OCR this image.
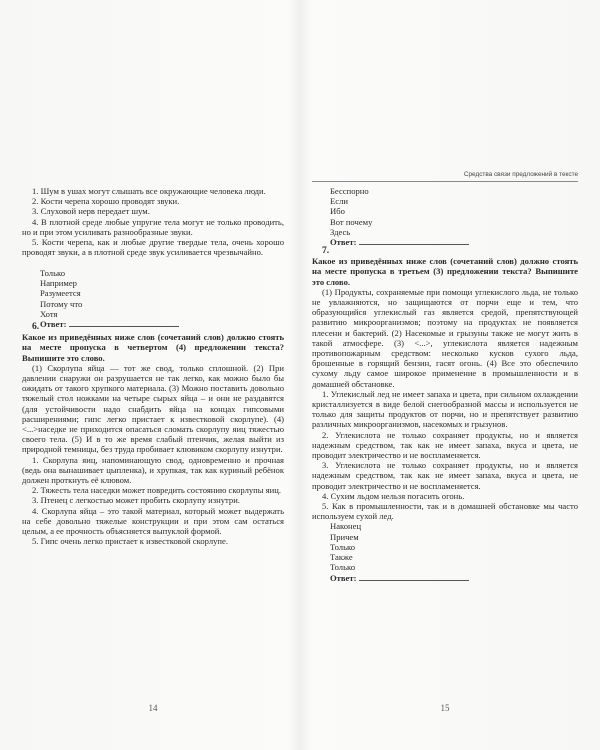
1. Шум в ушах могут слышать все окружающие человека люди.

2. Кости черепа хорошо проводят звуки.

3. Слуховой нерв передает шум.

4. В плотной среде любые упругие тела могут не только проводить, но и при этом усиливать разнообразные звуки.

5. Кости черепа, как и любые другие твердые тела, очень хорошо проводят звуки, а в плотной среде звук усиливается чрезвычайно.

Только

Например

Разумеется

Потому что

Хотя

Ответ:

6.

Какое из приведённых ниже слов (сочетаний слов) должно стоять на месте пропуска в четвертом (4) предложении текста? Выпишите это слово.

(1) Скорлупа яйца — тот же свод, только сплошной. (2) При давлении снаружи он разрушается не так легко, как можно было бы ожидать от такого хрупкого материала. (3) Можно поставить довольно тяжелый стол ножками на четыре сырых яйца – и они не раздавятся (для устойчивости надо снабдить яйца на концах гипсовыми расширениями; гипс легко пристает к известковой скорлупе). (4) <...>наседке не приходится опасаться сломать скорлупу яиц тяжестью своего тела. (5) И в то же время слабый птенчик, желая выйти из природной темницы, без труда пробивает клювиком скорлупу изнутри.

1. Скорлупа яиц, напоминающую свод, одновременно и прочная (ведь она вынашивает цыпленка), и хрупкая, так как куриный ребёнок должен проткнуть её клювом.

2. Тяжесть тела наседки может повредить состоянию скорлупы яиц.

3. Птенец с легкостью может пробить скорлупу изнутри.

4. Скорлупа яйца – это такой материал, который может выдержать на себе довольно тяжелые конструкции и при этом сам остаться целым, а ее прочность объясняется выпуклой формой.

5. Гипс очень легко пристает к известковой скорлупе.

14
Средства связи предложений в тексте

Бесспорно

Если

Ибо

Вот почему

Здесь

Ответ:

7.

Какое из приведённых ниже слов (сочетаний слов) должно стоять на месте пропуска в третьем (3) предложении текста? Выпишите это слово.

(1) Продукты, сохраняемые при помощи углекислого льда, не только не увлажняются, но защищаются от порчи еще и тем, что образующийся углекислый газ является средой, препятствующей развитию микроорганизмов; поэтому на продуктах не появляется плесени и бактерий. (2) Насекомые и грызуны также не могут жить в такой атмосфере. (3) <...>, углекислота является надежным противопожарным средством: несколько кусков сухого льда, брошенные в горящий бензин, гасят огонь. (4) Все это обеспечило сухому льду самое широкое применение в промышленности и в домашней обстановке.

1. Углекислый лед не имеет запаха и цвета, при сильном охлаждении кристаллизуется в виде белой снегообразной массы и используется не только для защиты продуктов от порчи, но и препятствует развитию различных микроорганизмов, насекомых и грызунов.

2. Углекислота не только сохраняет продукты, но и является надежным средством, так как не имеет запаха, вкуса и цвета, не проводит электричество и не воспламеняется.

3. Углекислота не только сохраняет продукты, но и является надежным средством, так как не имеет запаха, вкуса и цвета, не проводит электричество и не воспламеняется.

4. Сухим льдом нельзя погасить огонь.

5. Как в промышленности, так и в домашней обстановке мы часто используем сухой лед.

Наконец

Причем

Только

Также

Только

Ответ:

15
